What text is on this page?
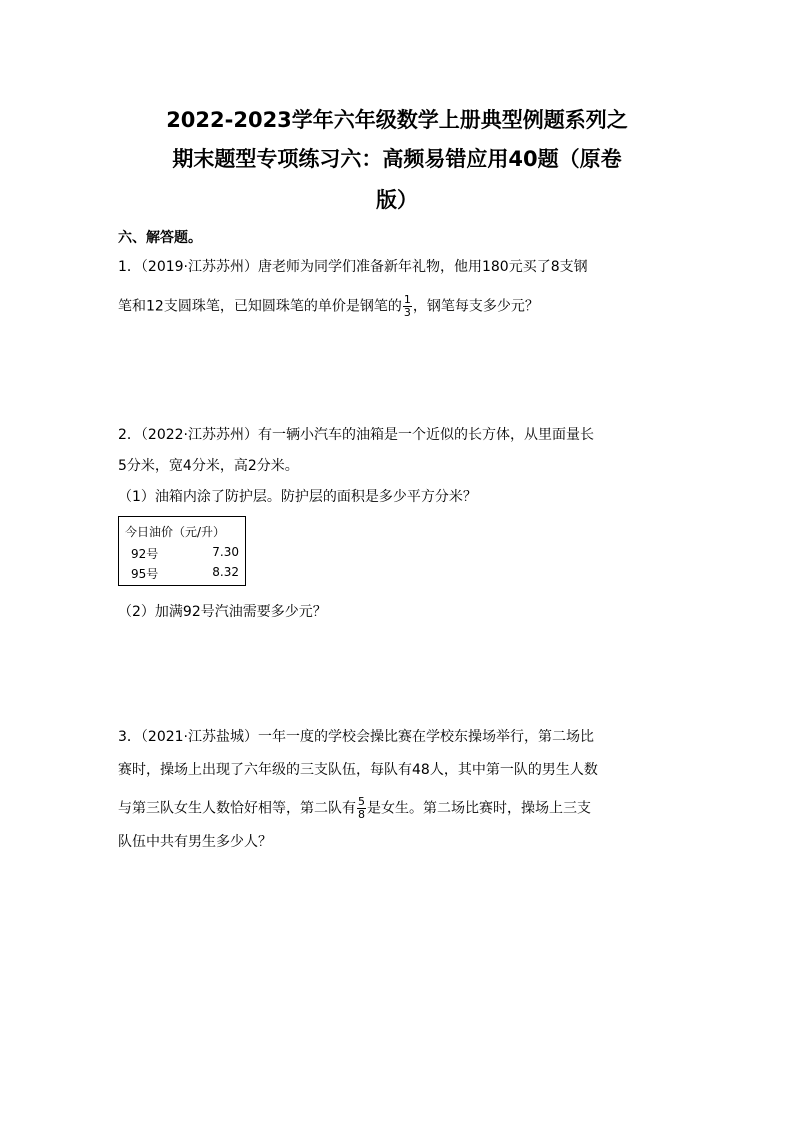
2022-2023学年六年级数学上册典型例题系列之
期末题型专项练习六：高频易错应用40题（原卷
版）
六、解答题。
1．（2019·江苏苏州）唐老师为同学们准备新年礼物，他用180元买了8支钢
笔和12支圆珠笔，已知圆珠笔的单价是钢笔的 $\frac{1}{3}$ ，钢笔每支多少元？
2．（2022·江苏苏州）有一辆小汽车的油箱是一个近似的长方体，从里面量长
5分米，宽4分米，高2分米。
（1）油箱内涂了防护层。防护层的面积是多少平方分米？
今日油价（元/升）
92号	7.30
95号	8.32
（2）加满92号汽油需要多少元？
3．（2021·江苏盐城）一年一度的学校会操比赛在学校东操场举行，第二场比
赛时，操场上出现了六年级的三支队伍，每队有48人，其中第一队的男生人数
与第三队女生人数恰好相等，第二队有 $\frac{5}{8}$ 是女生。第二场比赛时，操场上三支
队伍中共有男生多少人？
